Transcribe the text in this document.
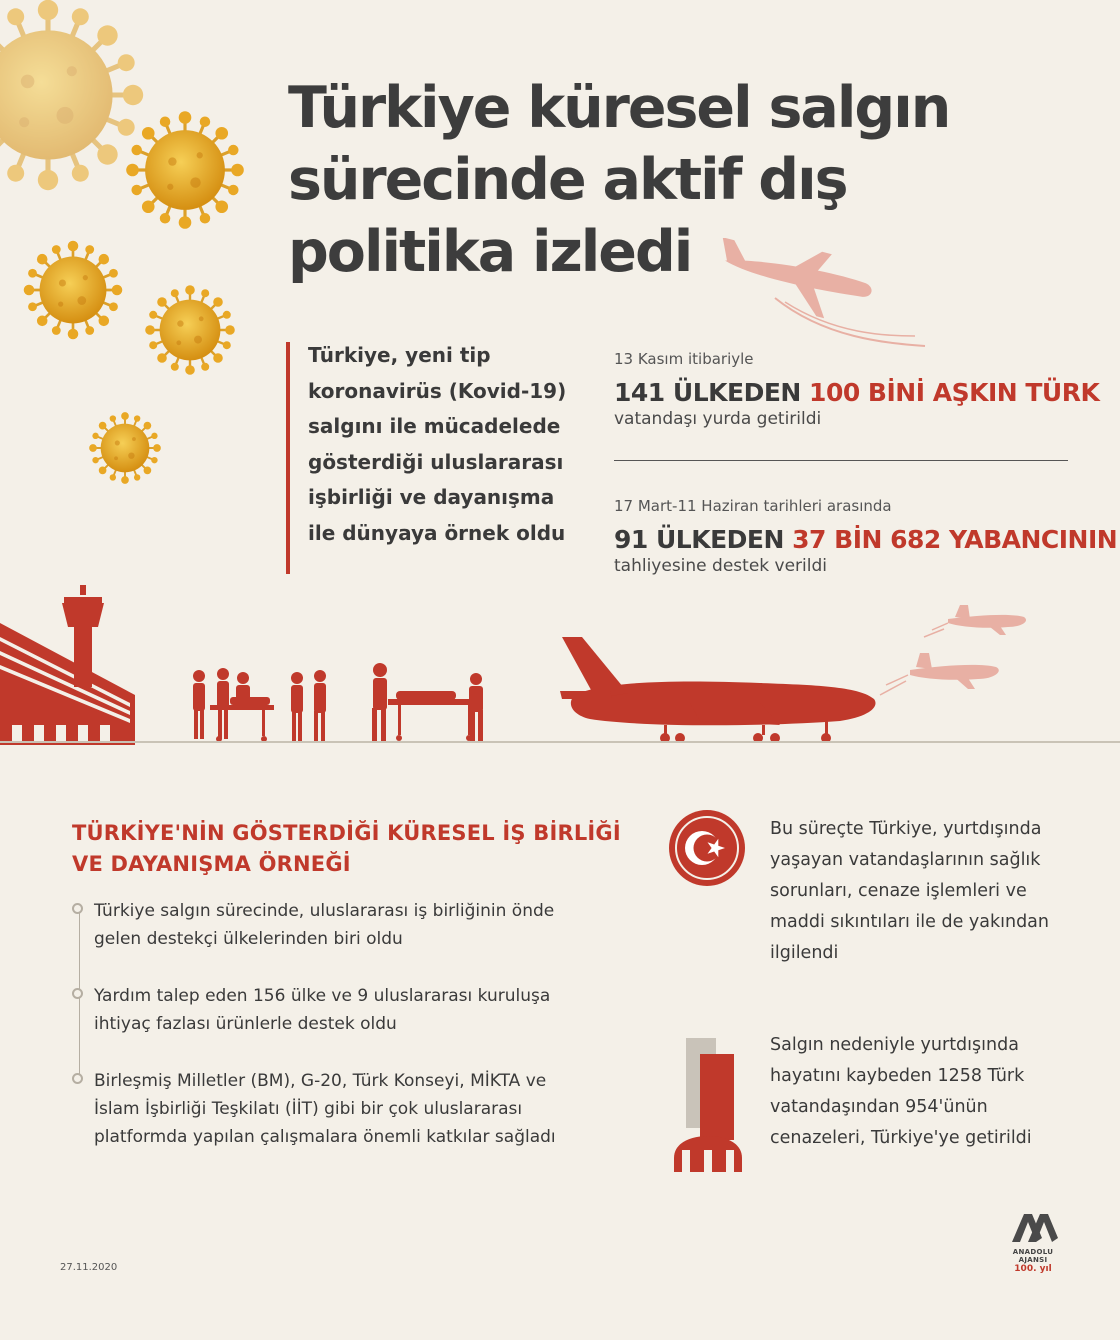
Türkiye küresel salgın sürecinde aktif dış politika izledi
Türkiye, yeni tip koronavirüs (Kovid-19) salgını ile mücadelede gösterdiği uluslararası işbirliği ve dayanışma ile dünyaya örnek oldu
13 Kasım itibariyle
141 ÜLKEDEN 100 BİNİ AŞKIN TÜRK
vatandaşı yurda getirildi
17 Mart-11 Haziran tarihleri arasında
91 ÜLKEDEN 37 BİN 682 YABANCININ
tahliyesine destek verildi
TÜRKİYE'NİN GÖSTERDİĞİ KÜRESEL İŞ BİRLİĞİ VE DAYANIŞMA ÖRNEĞİ
Türkiye salgın sürecinde, uluslararası iş birliğinin önde gelen destekçi ülkelerinden biri oldu
Yardım talep eden 156 ülke ve 9 uluslararası kuruluşa ihtiyaç fazlası ürünlerle destek oldu
Birleşmiş Milletler (BM), G-20, Türk Konseyi, MİKTA ve İslam İşbirliği Teşkilatı (İİT) gibi bir çok uluslararası platformda yapılan çalışmalara önemli katkılar sağladı
Bu süreçte Türkiye, yurtdışında yaşayan vatandaşlarının sağlık sorunları, cenaze işlemleri ve maddi sıkıntıları ile de yakından ilgilendi
Salgın nedeniyle yurtdışında hayatını kaybeden 1258 Türk vatandaşından 954'ünün cenazeleri, Türkiye'ye getirildi
27.11.2020
AA
ANADOLU AJANSI
100. yıl
